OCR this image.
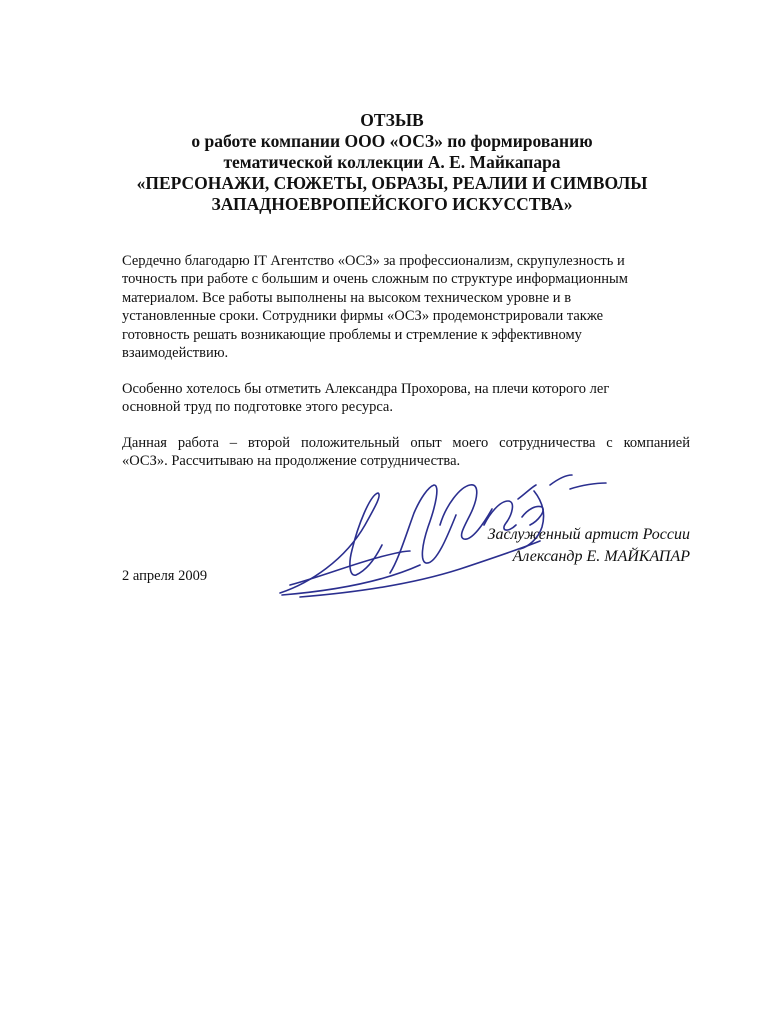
ОТЗЫВ
о работе компании ООО «ОСЗ» по формированию
тематической коллекции А. Е. Майкапара
«ПЕРСОНАЖИ, СЮЖЕТЫ, ОБРАЗЫ, РЕАЛИИ И СИМВОЛЫ
ЗАПАДНОЕВРОПЕЙСКОГО ИСКУССТВА»

Сердечно благодарю IT Агентство «ОСЗ» за профессионализм, скрупулезность и
точность при работе с большим и очень сложным по структуре информационным
материалом. Все работы выполнены на высоком техническом уровне и в
установленные сроки. Сотрудники фирмы «ОСЗ» продемонстрировали также
готовность решать возникающие проблемы и стремление к эффективному
взаимодействию.

Особенно хотелось бы отметить Александра Прохорова, на плечи которого лег
основной труд по подготовке этого ресурса.

Данная работа – второй положительный опыт моего сотрудничества с компанией
«ОСЗ». Рассчитываю на продолжение сотрудничества.

Заслуженный артист России
Александр Е. МАЙКАПАР
2 апреля 2009
